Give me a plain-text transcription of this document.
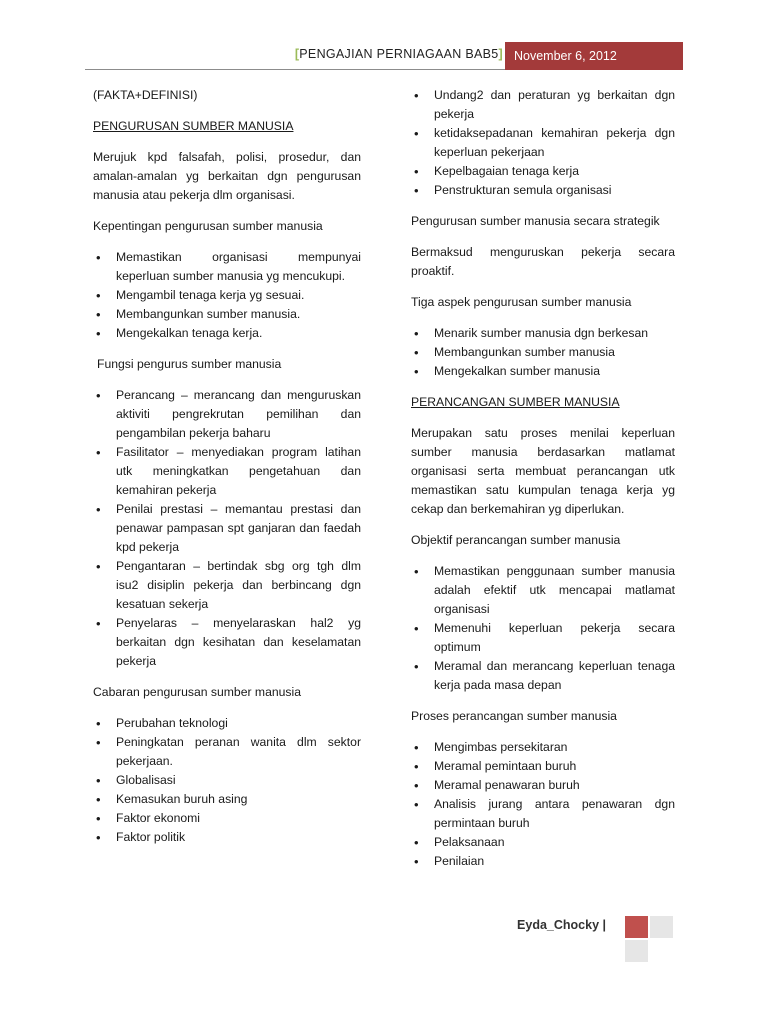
[PENGAJIAN PERNIAGAAN BAB5] November 6, 2012

(FAKTA+DEFINISI)

PENGURUSAN SUMBER MANUSIA

Merujuk kpd falsafah, polisi, prosedur, dan amalan-amalan yg berkaitan dgn pengurusan manusia atau pekerja dlm organisasi.

Kepentingan pengurusan sumber manusia

• Memastikan organisasi mempunyai keperluan sumber manusia yg mencukupi.
• Mengambil tenaga kerja yg sesuai.
• Membangunkan sumber manusia.
• Mengekalkan tenaga kerja.

Fungsi pengurus sumber manusia

• Perancang – merancang dan menguruskan aktiviti pengrekrutan pemilihan dan pengambilan pekerja baharu
• Fasilitator – menyediakan program latihan utk meningkatkan pengetahuan dan kemahiran pekerja
• Penilai prestasi – memantau prestasi dan penawar pampasan spt ganjaran dan faedah kpd pekerja
• Pengantaran – bertindak sbg org tgh dlm isu2 disiplin pekerja dan berbincang dgn kesatuan sekerja
• Penyelaras – menyelaraskan hal2 yg berkaitan dgn kesihatan dan keselamatan pekerja

Cabaran pengurusan sumber manusia

• Perubahan teknologi
• Peningkatan peranan wanita dlm sektor pekerjaan.
• Globalisasi
• Kemasukan buruh asing
• Faktor ekonomi
• Faktor politik
• Undang2 dan peraturan yg berkaitan dgn pekerja
• ketidaksepadanan kemahiran pekerja dgn keperluan pekerjaan
• Kepelbagaian tenaga kerja
• Penstrukturan semula organisasi

Pengurusan sumber manusia secara strategik

Bermaksud menguruskan pekerja secara proaktif.

Tiga aspek pengurusan sumber manusia

• Menarik sumber manusia dgn berkesan
• Membangunkan sumber manusia
• Mengekalkan sumber manusia

PERANCANGAN SUMBER MANUSIA

Merupakan satu proses menilai keperluan sumber manusia berdasarkan matlamat organisasi serta membuat perancangan utk memastikan satu kumpulan tenaga kerja yg cekap dan berkemahiran yg diperlukan.

Objektif perancangan sumber manusia

• Memastikan penggunaan sumber manusia adalah efektif utk mencapai matlamat organisasi
• Memenuhi keperluan pekerja secara optimum
• Meramal dan merancang keperluan tenaga kerja pada masa depan

Proses perancangan sumber manusia

• Mengimbas persekitaran
• Meramal pemintaan buruh
• Meramal penawaran buruh
• Analisis jurang antara penawaran dgn permintaan buruh
• Pelaksanaan
• Penilaian
Eyda_Chocky |
